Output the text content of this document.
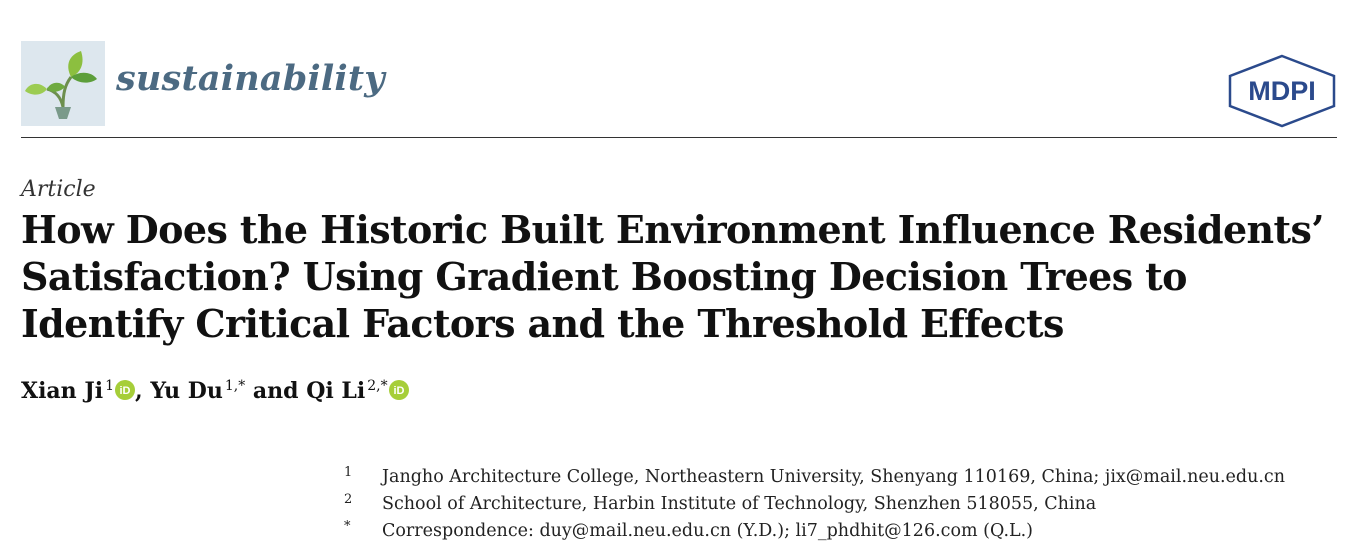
sustainability	MDPI
Article
How Does the Historic Built Environment Influence Residents’ Satisfaction? Using Gradient Boosting Decision Trees to Identify Critical Factors and the Threshold Effects
Xian Ji $^1$ iD , Yu Du $^{1,*}$ and Qi Li $^{2,*}$ iD
1	Jangho Architecture College, Northeastern University, Shenyang 110169, China; jix@mail.neu.edu.cn
2	School of Architecture, Harbin Institute of Technology, Shenzhen 518055, China
*	Correspondence: duy@mail.neu.edu.cn (Y.D.); li7_phdhit@126.com (Q.L.)
